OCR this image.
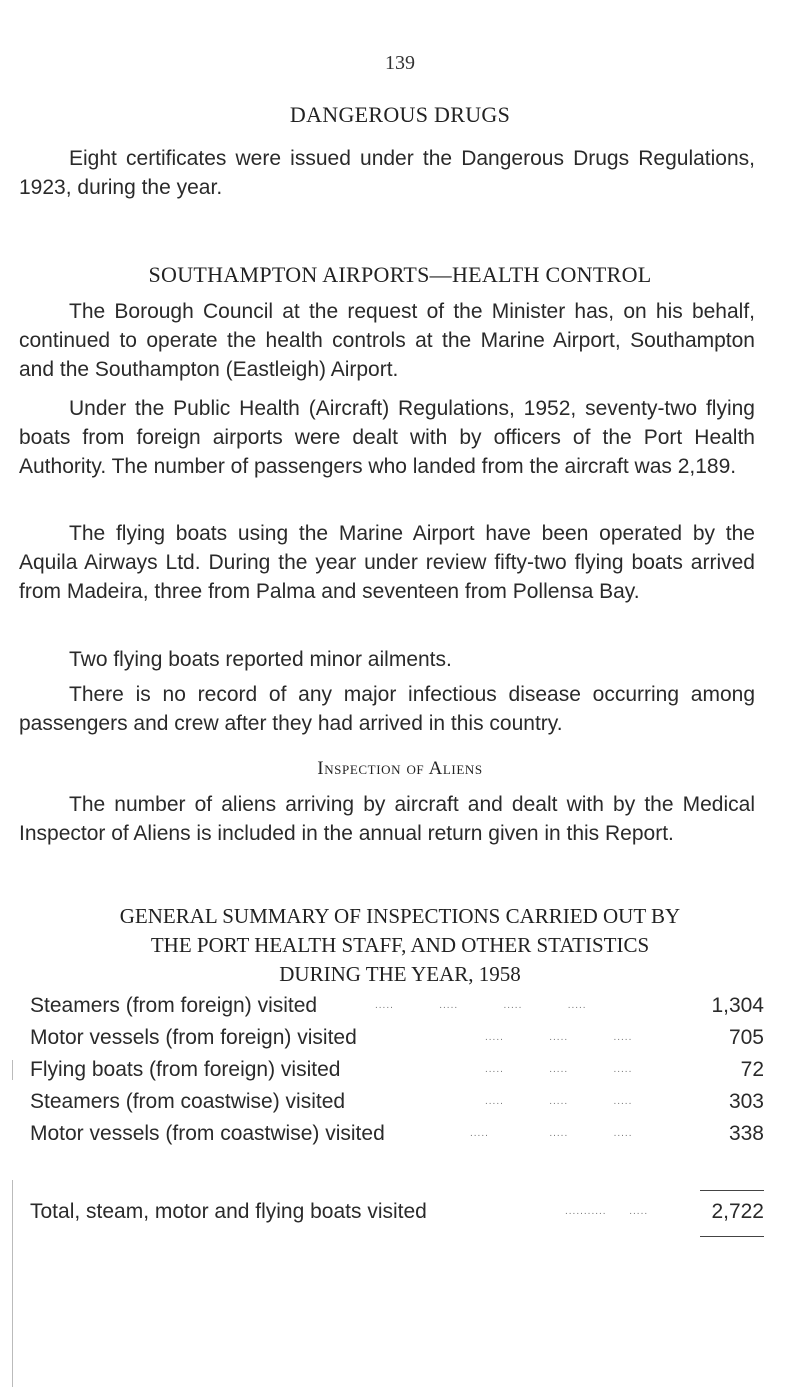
139
DANGEROUS DRUGS
Eight certificates were issued under the Dangerous Drugs Regulations, 1923, during the year.
SOUTHAMPTON AIRPORTS—HEALTH CONTROL
The Borough Council at the request of the Minister has, on his behalf, continued to operate the health controls at the Marine Airport, Southampton and the Southampton (Eastleigh) Airport.
Under the Public Health (Aircraft) Regulations, 1952, seventy-two flying boats from foreign airports were dealt with by officers of the Port Health Authority. The number of passengers who landed from the aircraft was 2,189.
The flying boats using the Marine Airport have been operated by the Aquila Airways Ltd. During the year under review fifty-two flying boats arrived from Madeira, three from Palma and seventeen from Pollensa Bay.
Two flying boats reported minor ailments.
There is no record of any major infectious disease occurring among passengers and crew after they had arrived in this country.
Inspection of Aliens
The number of aliens arriving by aircraft and dealt with by the Medical Inspector of Aliens is included in the annual return given in this Report.
GENERAL SUMMARY OF INSPECTIONS CARRIED OUT BY
THE PORT HEALTH STAFF, AND OTHER STATISTICS
DURING THE YEAR, 1958
Steamers (from foreign) visited	.....            .....            .....            .....	1,304
Motor vessels (from foreign) visited	.....            .....            .....	705
Flying boats (from foreign) visited	.....            .....            .....	72
Steamers (from coastwise) visited	.....            .....            .....	303
Motor vessels (from coastwise) visited	.....                .....            .....	338
Total, steam, motor and flying boats visited	...........      .....	2,722
